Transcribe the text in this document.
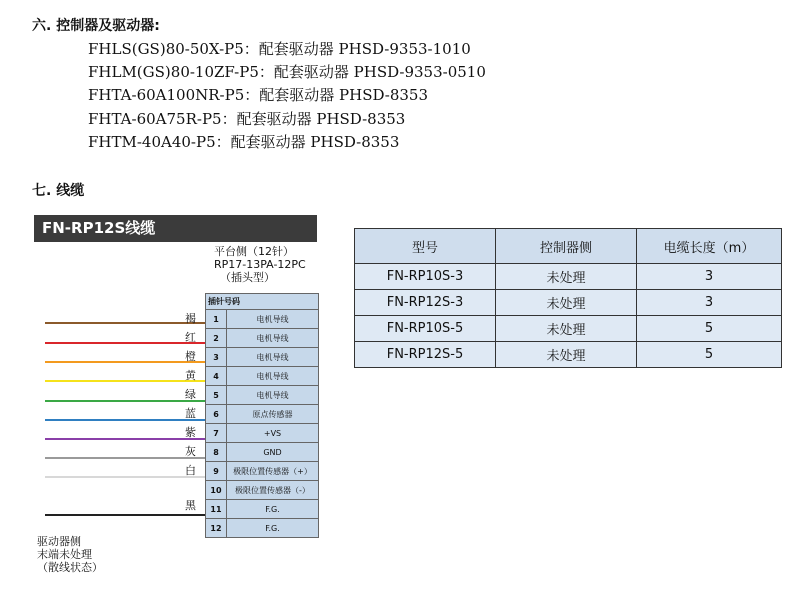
六. 控制器及驱动器:
FHLS(GS)80-50X-P5：配套驱动器 PHSD-9353-1010
FHLM(GS)80-10ZF-P5：配套驱动器 PHSD-9353-0510
FHTA-60A100NR-P5：配套驱动器 PHSD-8353
FHTA-60A75R-P5：配套驱动器 PHSD-8353
FHTM-40A40-P5：配套驱动器 PHSD-8353
七. 线缆
FN-RP12S线缆
平台侧（12针）
RP17-13PA-12PC
（插头型）
插针号码	
1	电机导线
2	电机导线
3	电机导线
4	电机导线
5	电机导线
6	原点传感器
7	+VS
8	GND
9	极限位置传感器（+）
10	极限位置传感器（-）
11	F.G.
12	F.G.
褐
红
橙
黄
绿
蓝
紫
灰
白
黑
驱动器侧
末端未处理
（散线状态）
型号	控制器侧	电缆长度（m）
FN-RP10S-3	未处理	3
FN-RP12S-3	未处理	3
FN-RP10S-5	未处理	5
FN-RP12S-5	未处理	5
